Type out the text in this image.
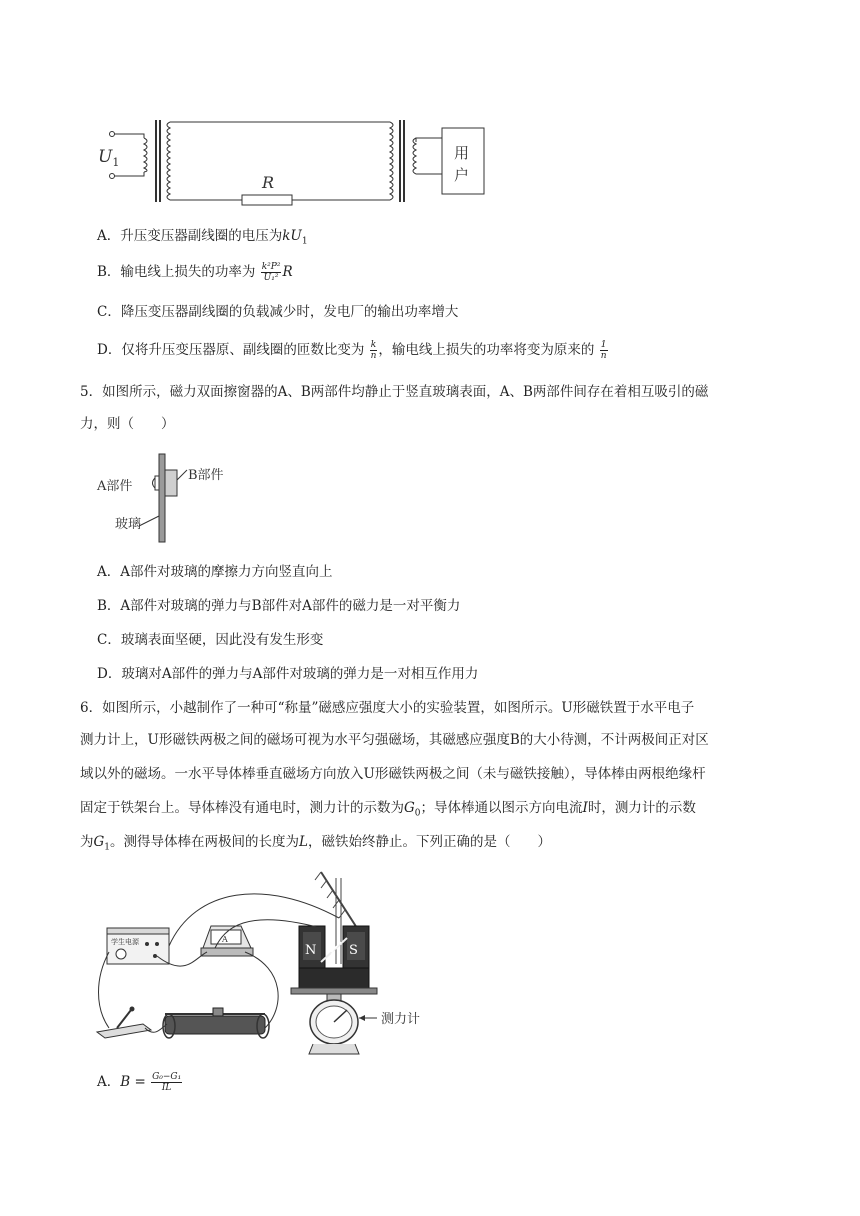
用
户
$U_1$
R
A．升压变压器副线圈的电压为$kU_1$
B．输电线上损失的功率为 $\frac{\text{k²P²}}{\text{U₁²}}$ R
C．降压变压器副线圈的负载减少时，发电厂的输出功率增大
D．仅将升压变压器原、副线圈的匝数比变为 $\frac{k}{n}$ ，输电线上损失的功率将变为原来的 $\frac{1}{n}$
5．如图所示，磁力双面擦窗器的A、B两部件均静止于竖直玻璃表面，A、B两部件间存在着相互吸引的磁
力，则（　　）
A部件
B部件
玻璃
A．A部件对玻璃的摩擦力方向竖直向上
B．A部件对玻璃的弹力与B部件对A部件的磁力是一对平衡力
C．玻璃表面坚硬，因此没有发生形变
D．玻璃对A部件的弹力与A部件对玻璃的弹力是一对相互作用力
6．如图所示，小越制作了一种可“称量”磁感应强度大小的实验装置，如图所示。U形磁铁置于水平电子
测力计上，U形磁铁两极之间的磁场可视为水平匀强磁场，其磁感应强度B的大小待测，不计两极间正对区
域以外的磁场。一水平导体棒垂直磁场方向放入U形磁铁两极之间（未与磁铁接触），导体棒由两根绝缘杆
固定于铁架台上。导体棒没有通电时，测力计的示数为$G_0$；导体棒通以图示方向电流I时，测力计的示数
为$G_1$。测得导体棒在两极间的长度为L，磁铁始终静止。下列正确的是（　　）
N	S
I
测力计
学生电源	A
A．$B = \frac{\text{G₀−G₁}}{IL}$
